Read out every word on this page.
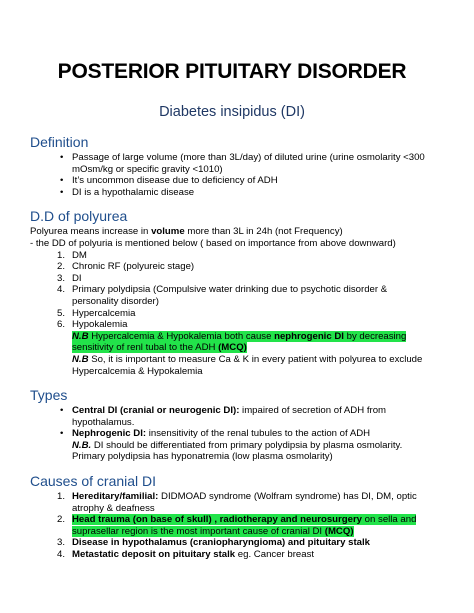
POSTERIOR PITUITARY DISORDER
Diabetes insipidus (DI)
Definition
• Passage of large volume (more than 3L/day) of diluted urine (urine osmolarity <300 mOsm/kg or specific gravity <1010)
• It’s uncommon disease due to deficiency of ADH
• DI is a hypothalamic disease
D.D of polyurea
Polyurea means increase in volume more than 3L in 24h (not Frequency)
- the DD of polyuria is mentioned below ( based on importance from above downward)
1. DM
2. Chronic RF (polyureic stage)
3. DI
4. Primary polydipsia (Compulsive water drinking due to psychotic disorder & personality disorder)
5. Hypercalcemia
6. Hypokalemia
N.B Hypercalcemia & Hypokalemia both cause nephrogenic DI by decreasing sensitivity of renl tubal to the ADH (MCQ)
N.B So, it is important to measure Ca & K in every patient with polyurea to exclude Hypercalcemia & Hypokalemia
Types
• Central DI (cranial or neurogenic DI): impaired of secretion of ADH from hypothalamus.
• Nephrogenic DI: insensitivity of the renal tubules to the action of ADH
N.B. DI should be differentiated from primary polydipsia by plasma osmolarity.
Primary polydipsia has hyponatremia (low plasma osmolarity)
Causes of cranial DI
1. Hereditary/familial: DIDMOAD syndrome (Wolfram syndrome) has DI, DM, optic atrophy & deafness
2. Head trauma (on base of skull) , radiotherapy and neurosurgery on sella and suprasellar region is the most important cause of cranial DI (MCQ)
3. Disease in hypothalamus (craniopharyngioma) and pituitary stalk
4. Metastatic deposit on pituitary stalk eg. Cancer breast
